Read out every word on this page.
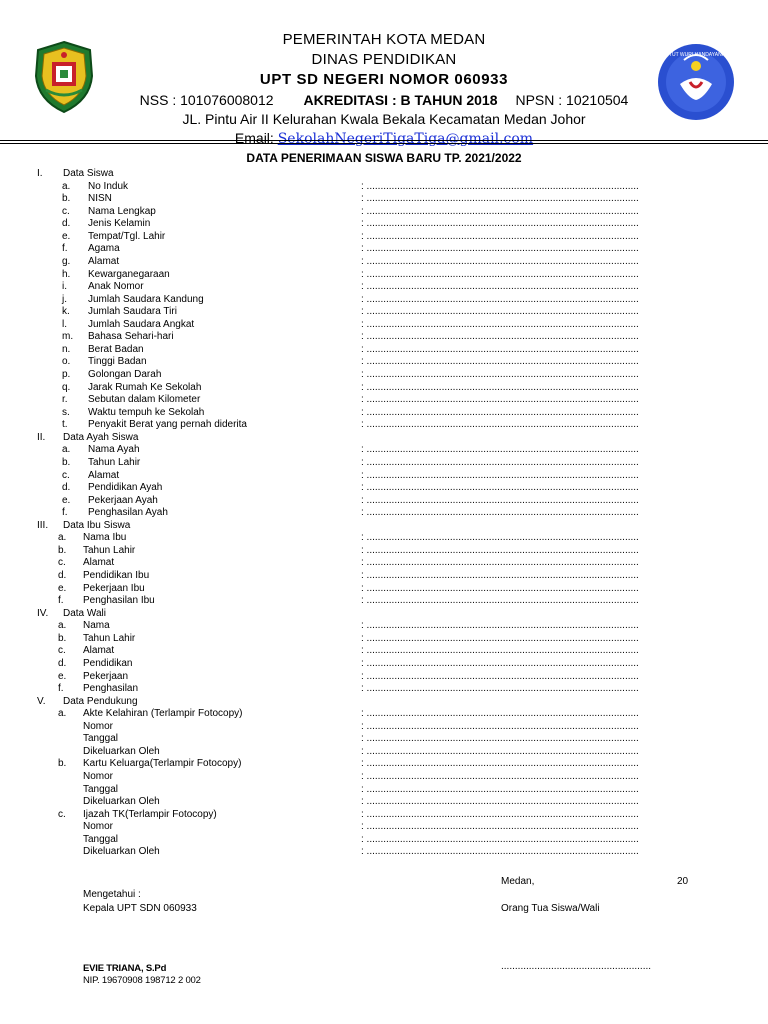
TUT WURI HANDAYANI
PEMERINTAH KOTA MEDAN
DINAS PENDIDIKAN
UPT SD NEGERI NOMOR 060933
NSS : 101076008012 AKREDITASI : B TAHUN 2018 NPSN : 10210504
JL. Pintu Air II Kelurahan Kwala Bekala Kecamatan Medan Johor
Email: SekolahNegeriTigaTiga@gmail.com
DATA PENERIMAAN SISWA BARU TP. 2021/2022
I. Data Siswa
a. No Induk	: ..................................................................................................
b. NISN	: ..................................................................................................
c. Nama Lengkap	: ..................................................................................................
d. Jenis Kelamin	: ..................................................................................................
e. Tempat/Tgl. Lahir	: ..................................................................................................
f. Agama	: ..................................................................................................
g. Alamat	: ..................................................................................................
h. Kewarganegaraan	: ..................................................................................................
i. Anak Nomor	: ..................................................................................................
j. Jumlah Saudara Kandung	: ..................................................................................................
k. Jumlah Saudara Tiri	: ..................................................................................................
l. Jumlah Saudara Angkat	: ..................................................................................................
m. Bahasa Sehari-hari	: ..................................................................................................
n. Berat Badan	: ..................................................................................................
o. Tinggi Badan	: ..................................................................................................
p. Golongan Darah	: ..................................................................................................
q. Jarak Rumah Ke Sekolah	: ..................................................................................................
r. Sebutan dalam Kilometer	: ..................................................................................................
s. Waktu tempuh ke Sekolah	: ..................................................................................................
t. Penyakit Berat yang pernah diderita	: ..................................................................................................
II. Data Ayah Siswa
a. Nama Ayah	: ..................................................................................................
b. Tahun Lahir	: ..................................................................................................
c. Alamat	: ..................................................................................................
d. Pendidikan Ayah	: ..................................................................................................
e. Pekerjaan Ayah	: ..................................................................................................
f. Penghasilan Ayah	: ..................................................................................................
III. Data Ibu Siswa
a. Nama Ibu	: ..................................................................................................
b. Tahun Lahir	: ..................................................................................................
c. Alamat	: ..................................................................................................
d. Pendidikan Ibu	: ..................................................................................................
e. Pekerjaan Ibu	: ..................................................................................................
f. Penghasilan Ibu	: ..................................................................................................
IV. Data Wali
a. Nama	: ..................................................................................................
b. Tahun Lahir	: ..................................................................................................
c. Alamat	: ..................................................................................................
d. Pendidikan	: ..................................................................................................
e. Pekerjaan	: ..................................................................................................
f. Penghasilan	: ..................................................................................................
V. Data Pendukung
a. Akte Kelahiran (Terlampir Fotocopy)	: ..................................................................................................
Nomor	: ..................................................................................................
Tanggal	: ..................................................................................................
Dikeluarkan Oleh	: ..................................................................................................
b. Kartu Keluarga(Terlampir Fotocopy)	: ..................................................................................................
Nomor	: ..................................................................................................
Tanggal	: ..................................................................................................
Dikeluarkan Oleh	: ..................................................................................................
c. Ijazah TK(Terlampir Fotocopy)	: ..................................................................................................
Nomor	: ..................................................................................................
Tanggal	: ..................................................................................................
Dikeluarkan Oleh	: ..................................................................................................
Medan,	20
Mengetahui :
Kepala UPT SDN 060933	Orang Tua Siswa/Wali
EVIE TRIANA, S.Pd	......................................................
NIP. 19670908 198712 2 002
